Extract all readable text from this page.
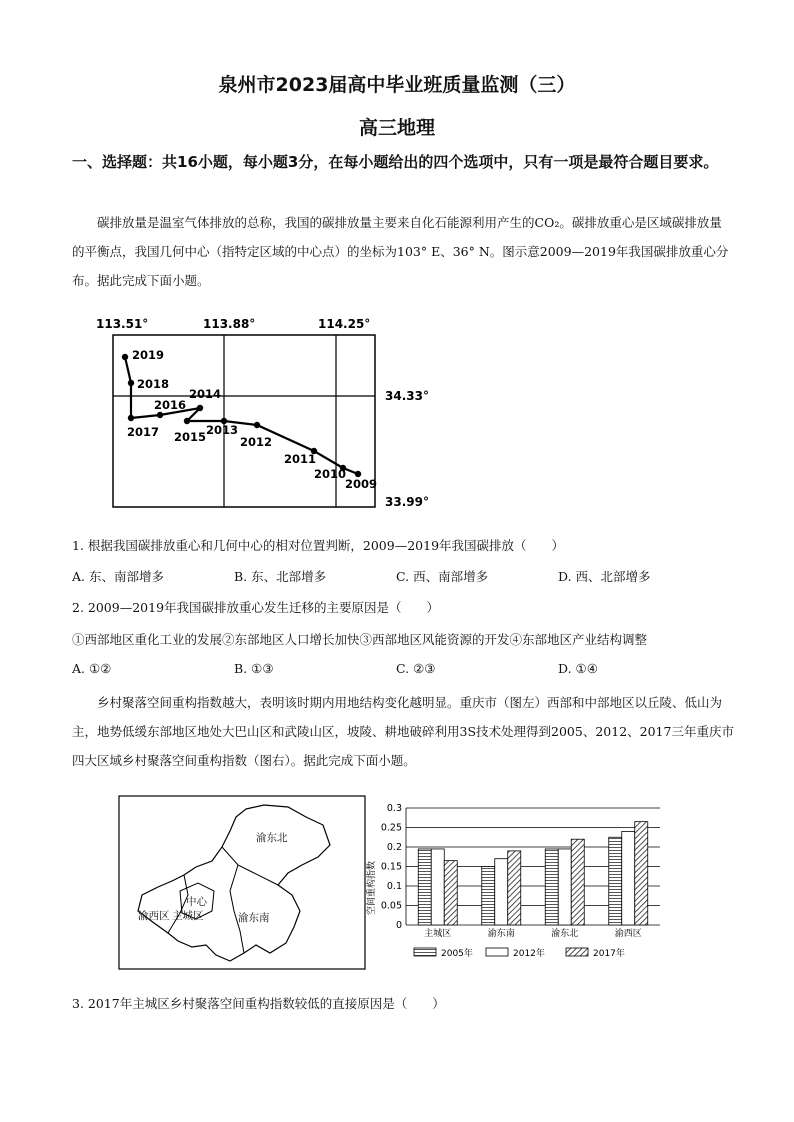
泉州市2023届高中毕业班质量监测（三）
高三地理
一、选择题：共16小题，每小题3分，在每小题给出的四个选项中，只有一项是最符合题目要求。
碳排放量是温室气体排放的总称，我国的碳排放量主要来自化石能源利用产生的CO₂。碳排放重心是区域碳排放量的平衡点，我国几何中心（指特定区域的中心点）的坐标为103° E、36° N。图示意2009—2019年我国碳排放重心分布。据此完成下面小题。
113.51°	113.88°	114.25°
34.33°
33.99°
2019
2018
2017
2016
2014
2015 2013
2012
2011
2010
2009
1. 根据我国碳排放重心和几何中心的相对位置判断，2009—2019年我国碳排放（　　）
A. 东、南部增多	B. 东、北部增多	C. 西、南部增多	D. 西、北部增多
2. 2009—2019年我国碳排放重心发生迁移的主要原因是（　　）
①西部地区重化工业的发展②东部地区人口增长加快③西部地区风能资源的开发④东部地区产业结构调整
A. ①②	B. ①③	C. ②③	D. ①④
乡村聚落空间重构指数越大，表明该时期内用地结构变化越明显。重庆市（图左）西部和中部地区以丘陵、低山为主，地势低缓东部地区地处大巴山区和武陵山区，坡陵、耕地破碎利用3S技术处理得到2005、2012、2017三年重庆市四大区域乡村聚落空间重构指数（图右）。据此完成下面小题。
渝东北
中心
主城区
渝西区	渝东南
空间重构指数
0
0.05
0.1
0.15
0.2
0.25
0.3
主城区	渝东南	渝东北	渝西区
2005年	2012年	2017年
3. 2017年主城区乡村聚落空间重构指数较低的直接原因是（　　）
